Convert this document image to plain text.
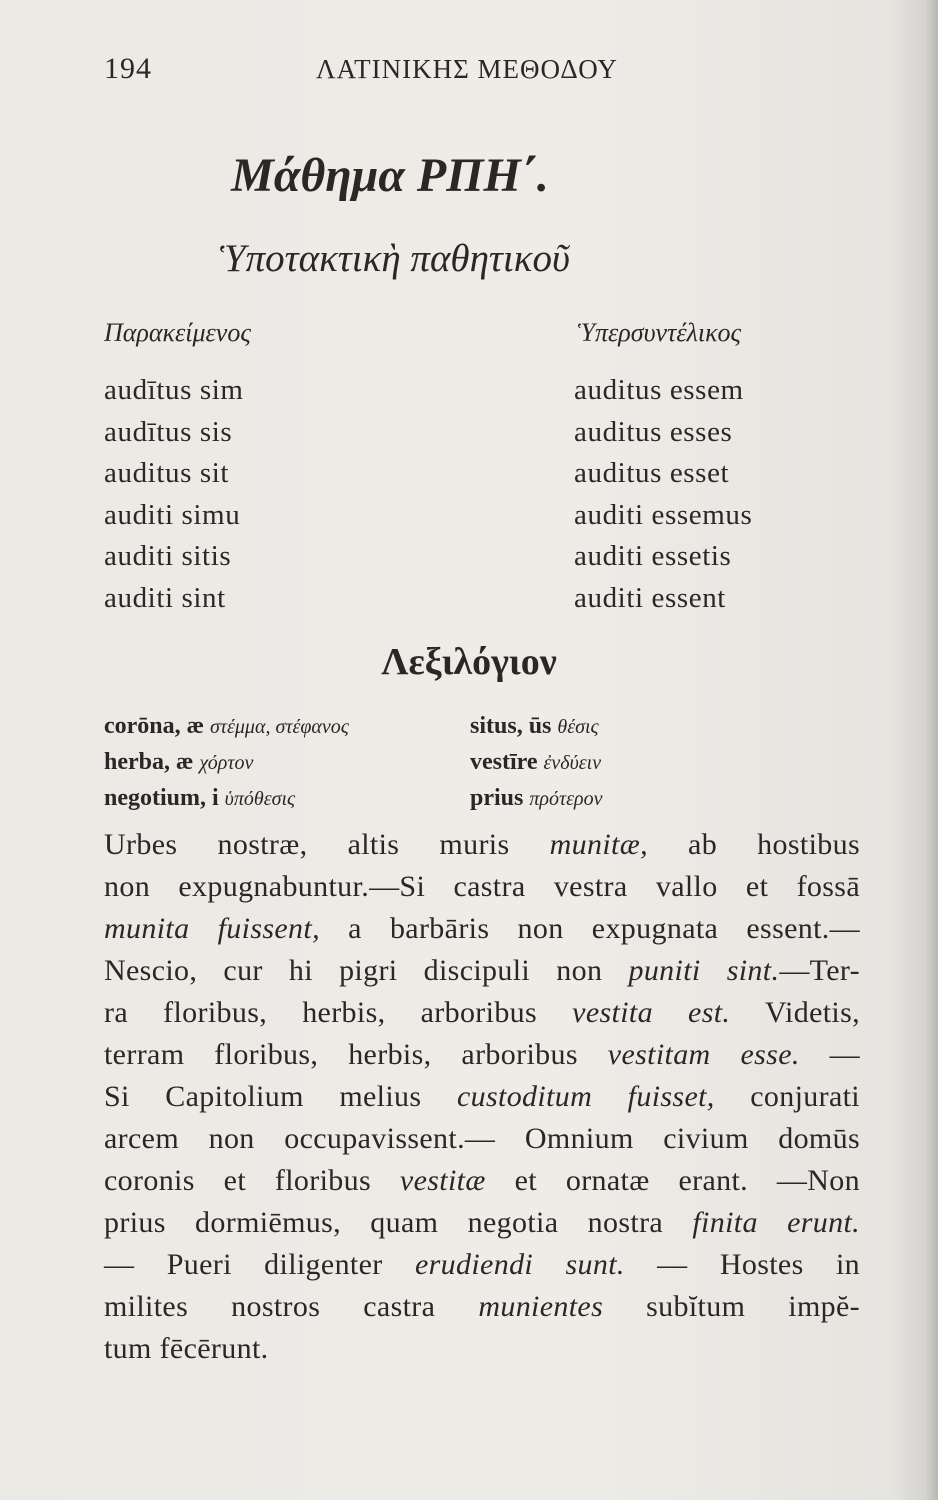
194	ΛΑΤΙΝΙΚΗΣ ΜΕΘΟΔΟΥ
Μάθημα ΡΠΗ΄.
Ὑποτακτικὴ παθητικοῦ
Παρακείμενος
audītus sim
audītus sis
auditus sit
auditi simu
auditi sitis
auditi sint
Ὑπερσυντέλικος
auditus essem
auditus esses
auditus esset
auditi essemus
auditi essetis
auditi essent
Λεξιλόγιον
corōna, æ στέμμα, στέφανος
herba, æ χόρτον
negotium, i ὑπόθεσις
situs, ūs θέσις
vestīre ἐνδύειν
prius πρότερον
Urbes nostræ, altis muris munitæ, ab hostibus
non expugnabuntur.—Si castra vestra vallo et fossā
munita fuissent, a barbāris non expugnata essent.—
Nescio, cur hi pigri discipuli non puniti sint.—Ter-
ra floribus, herbis, arboribus vestita est. Videtis,
terram floribus, herbis, arboribus vestitam esse. —
Si Capitolium melius custoditum fuisset, conjurati
arcem non occupavissent.— Omnium civium domūs
coronis et floribus vestitæ et ornatæ erant. —Non
prius dormiēmus, quam negotia nostra finita erunt.
— Pueri diligenter erudiendi sunt. — Hostes in
milites nostros castra munientes subĭtum impĕ-
tum fēcērunt.
